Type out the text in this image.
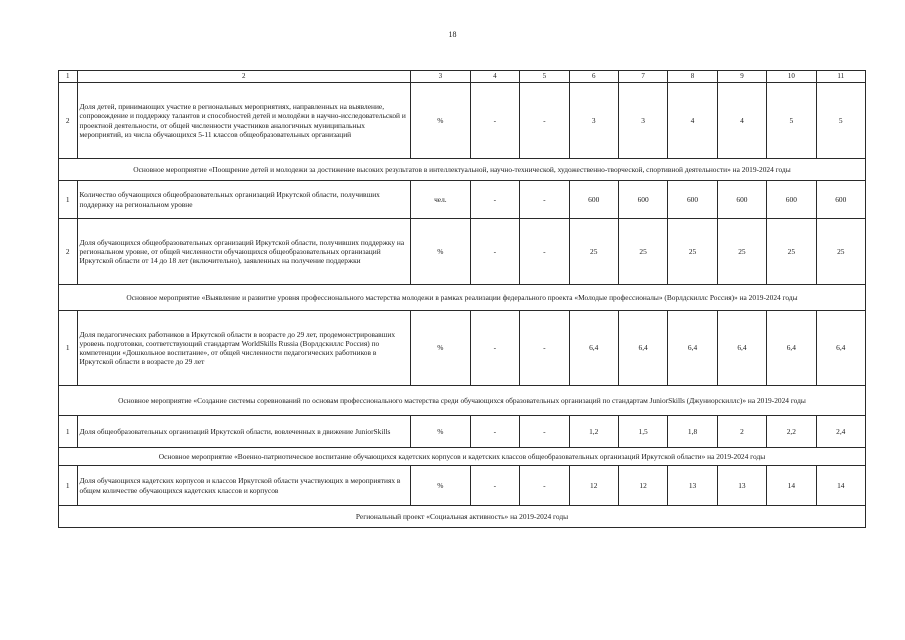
18
1	2	3	4	5	6	7	8	9	10	11
2	Доля детей, принимающих участие в региональных мероприятиях, направленных на выявление, сопровождение и поддержку талантов и способностей детей и молодёжи в научно-исследовательской и проектной деятельности, от общей численности участников аналогичных муниципальных мероприятий, из числа обучающихся 5-11 классов общеобразовательных организаций	%	-	-	3	3	4	4	5	5
Основное мероприятие «Поощрение детей и молодежи за достижение высоких результатов в интеллектуальной, научно-технической, художественно-творческой, спортивной деятельности» на 2019-2024 годы										
1	Количество обучающихся общеобразовательных организаций Иркутской области, получивших поддержку на региональном уровне	чел.	-	-	600	600	600	600	600	600
2	Доля обучающихся общеобразовательных организаций Иркутской области, получивших поддержку на региональном уровне, от общей численности обучающихся общеобразовательных организаций Иркутской области от 14 до 18 лет (включительно), заявленных на получение поддержки	%	-	-	25	25	25	25	25	25
Основное мероприятие «Выявление и развитие уровня профессионального мастерства молодежи в рамках реализации федерального проекта «Молодые профессионалы» (Ворлдскиллс Россия)» на 2019-2024 годы										
1	Доля педагогических работников в Иркутской области в возрасте до 29 лет, продемонстрировавших уровень подготовки, соответствующий стандартам WorldSkills Russia (Ворлдскиллс Россия) по компетенции «Дошкольное воспитание», от общей численности педагогических работников в Иркутской области в возрасте до 29 лет	%	-	-	6,4	6,4	6,4	6,4	6,4	6,4
Основное мероприятие «Создание системы соревнований по основам профессионального мастерства среди обучающихся образовательных организаций по стандартам JuniorSkills (Джуниорскиллс)» на 2019-2024 годы										
1	Доля общеобразовательных организаций Иркутской области, вовлеченных в движение JuniorSkills	%	-	-	1,2	1,5	1,8	2	2,2	2,4
Основное мероприятие «Военно-патриотическое воспитание обучающихся кадетских корпусов и кадетских классов общеобразовательных организаций Иркутской области» на 2019-2024 годы										
1	Доля обучающихся кадетских корпусов и классов Иркутской области участвующих в мероприятиях в общем количестве обучающихся кадетских классов и корпусов	%	-	-	12	12	13	13	14	14
Региональный проект «Социальная активность» на 2019-2024 годы										
